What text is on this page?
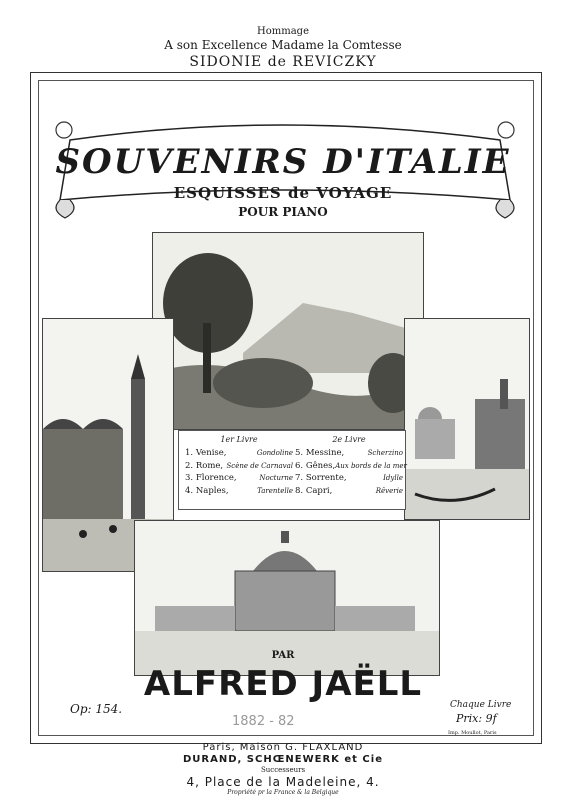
Hommage
A son Excellence Madame la Comtesse
SIDONIE de REVICZKY
SOUVENIRS D'ITALIE
ESQUISSES de VOYAGE
POUR PIANO
1er Livre
1. Venise,	Gondoline
2. Rome, Scène de Carnaval
3. Florence,	Nocturne
4. Naples,	Tarentelle
2e Livre
5. Messine,	Scherzino
6. Gênes, Aux bords de la mer
7. Sorrente,	Idylle
8. Capri,	Rêverie
PAR
ALFRED JAËLL
Op: 154.
1882 - 82
Chaque Livre
Prix: 9f
Imp. Moullot, Paris
Paris, Maison G. FLAXLAND
DURAND, SCHŒNEWERK et Cie
Successeurs
4, Place de la Madeleine, 4.
Propriété pr la France & la Belgique
